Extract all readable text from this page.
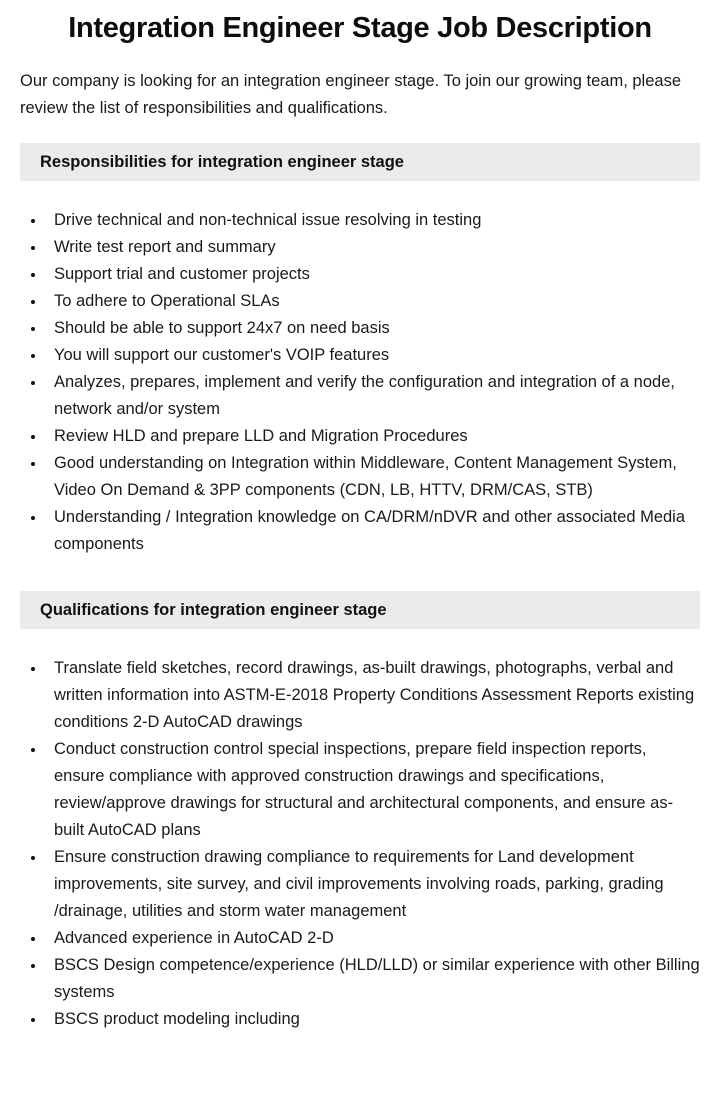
Integration Engineer Stage Job Description

Our company is looking for an integration engineer stage. To join our growing team, please review the list of responsibilities and qualifications.

Responsibilities for integration engineer stage
• Drive technical and non-technical issue resolving in testing
• Write test report and summary
• Support trial and customer projects
• To adhere to Operational SLAs
• Should be able to support 24x7 on need basis
• You will support our customer's VOIP features
• Analyzes, prepares, implement and verify the configuration and integration of a node, network and/or system
• Review HLD and prepare LLD and Migration Procedures
• Good understanding on Integration within Middleware, Content Management System, Video On Demand & 3PP components (CDN, LB, HTTV, DRM/CAS, STB)
• Understanding / Integration knowledge on CA/DRM/nDVR and other associated Media components
Qualifications for integration engineer stage
• Translate field sketches, record drawings, as-built drawings, photographs, verbal and written information into ASTM-E-2018 Property Conditions Assessment Reports existing conditions 2-D AutoCAD drawings
• Conduct construction control special inspections, prepare field inspection reports, ensure compliance with approved construction drawings and specifications, review/approve drawings for structural and architectural components, and ensure as-built AutoCAD plans
• Ensure construction drawing compliance to requirements for Land development improvements, site survey, and civil improvements involving roads, parking, grading /drainage, utilities and storm water management
• Advanced experience in AutoCAD 2-D
• BSCS Design competence/experience (HLD/LLD) or similar experience with other Billing systems
• BSCS product modeling including
